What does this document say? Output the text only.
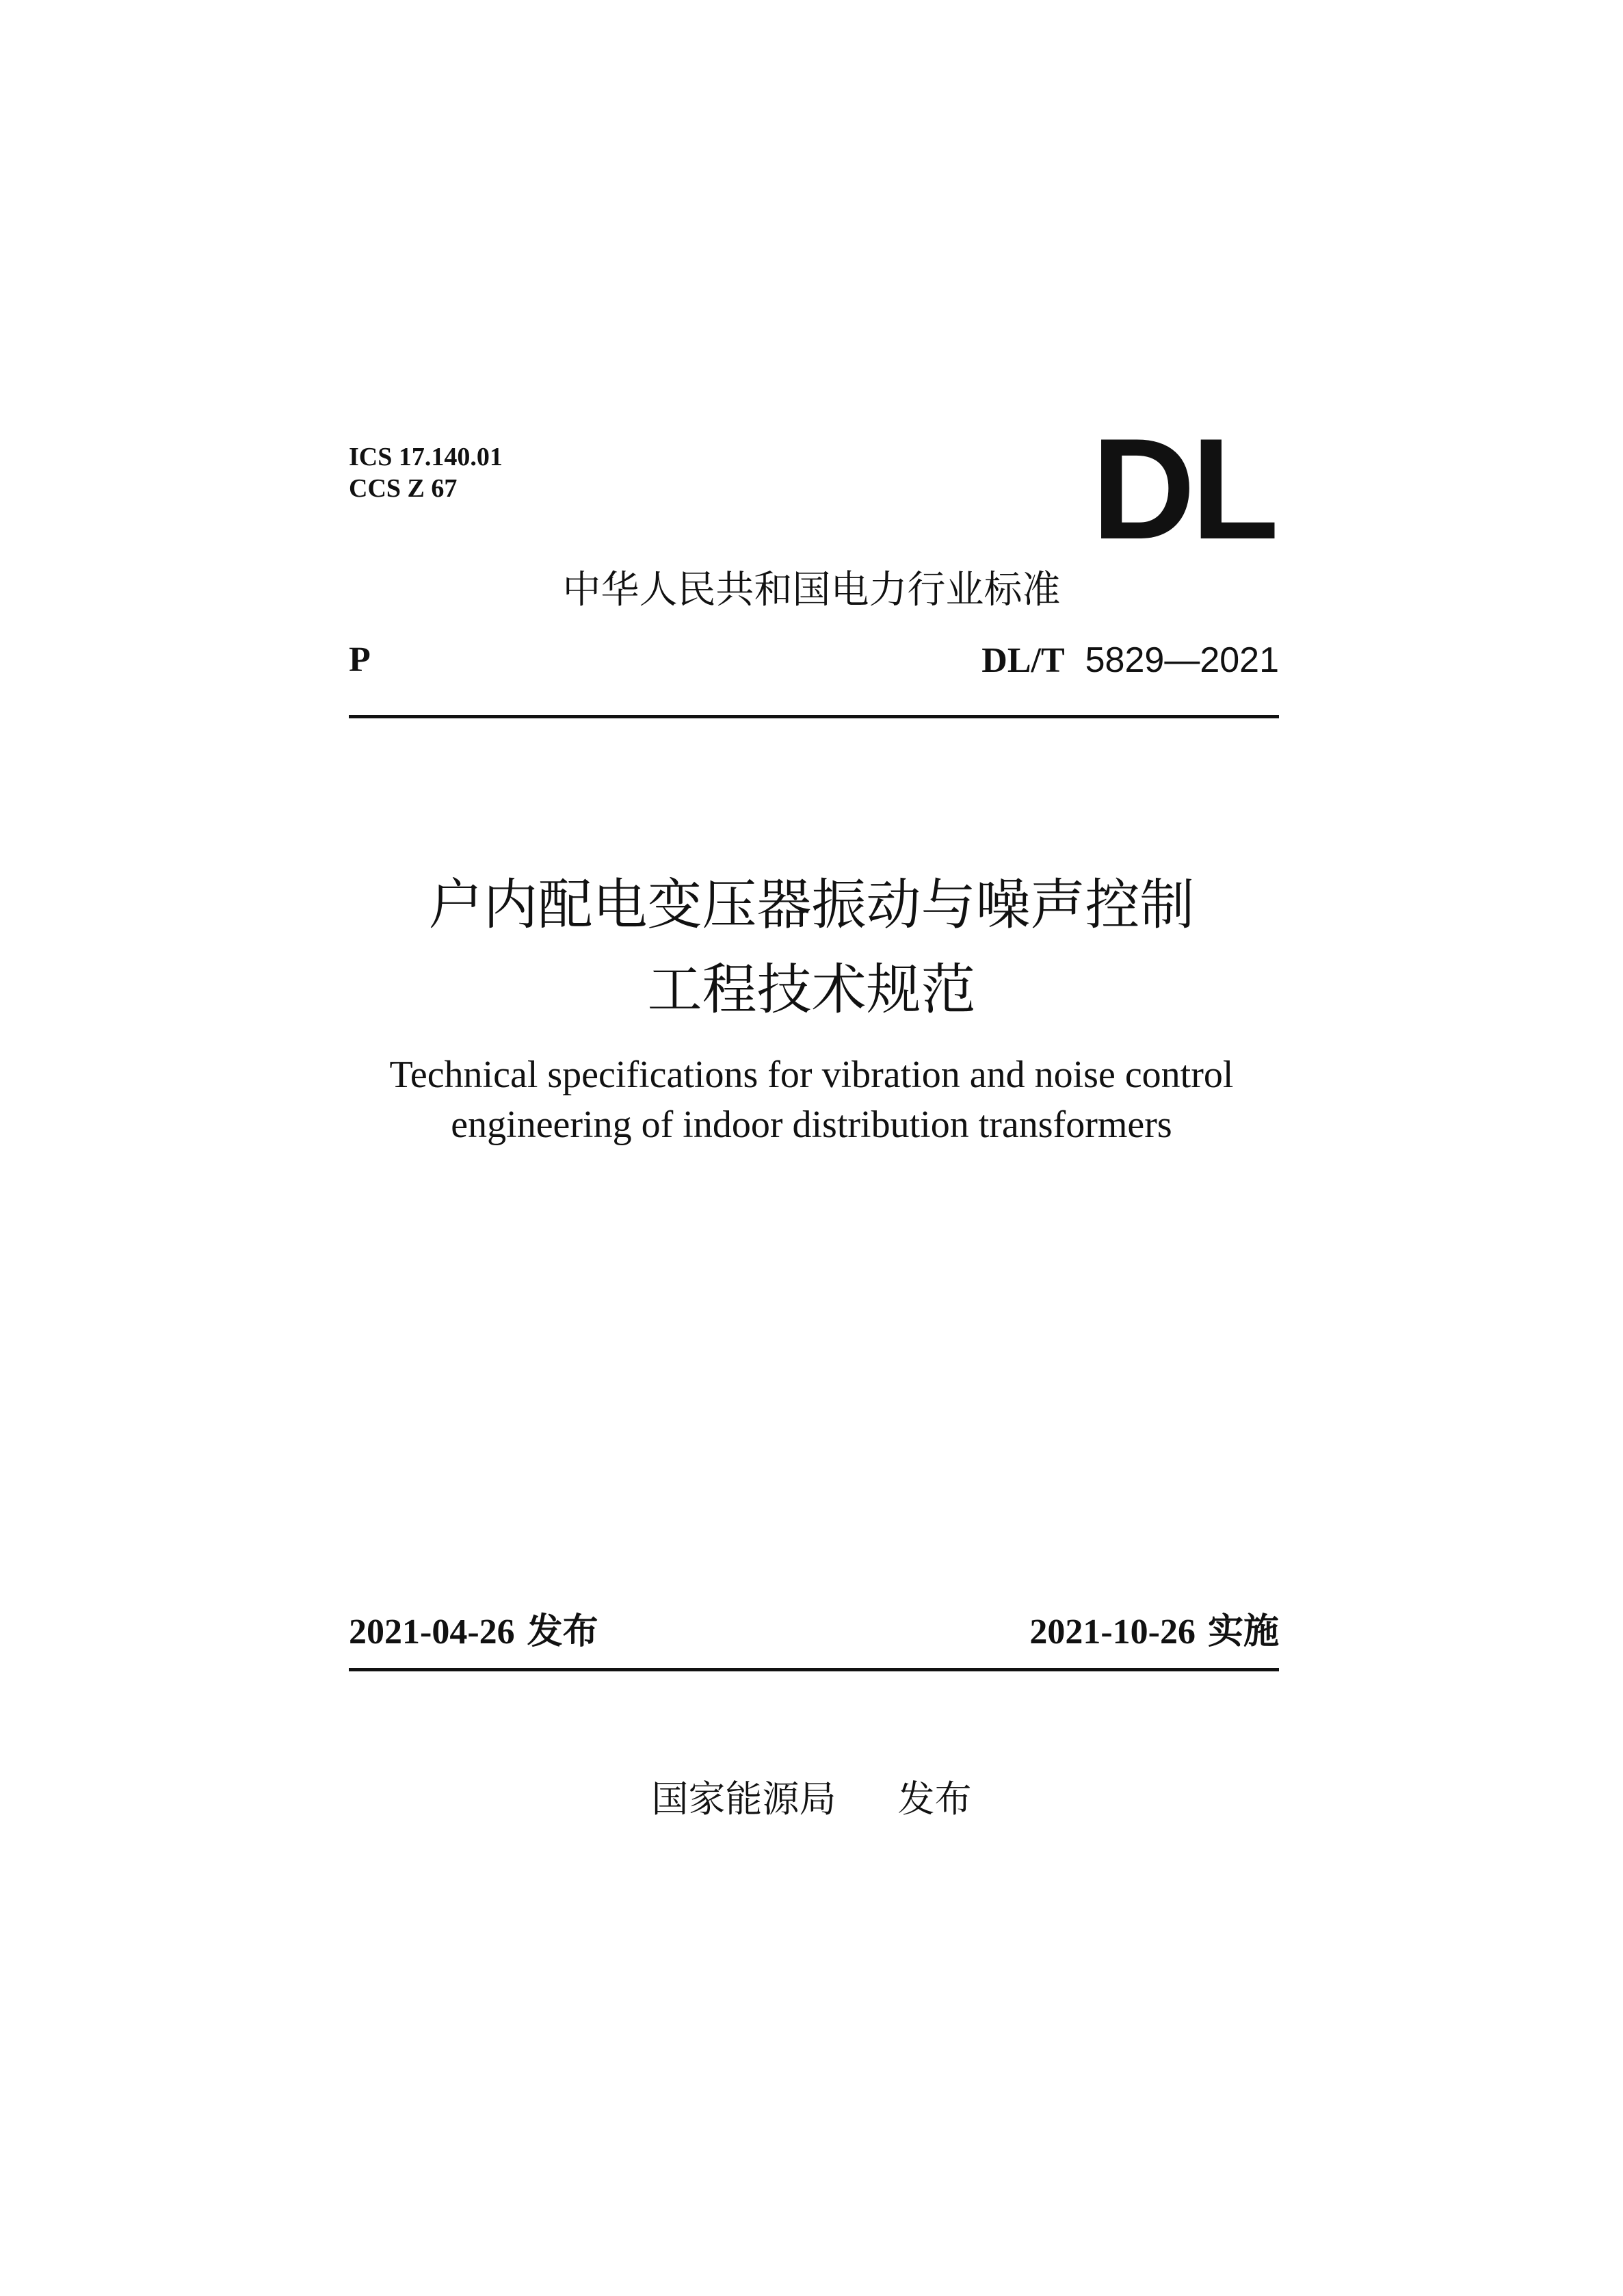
ICS 17.140.01
CCS Z 67	DL
中华人民共和国电力行业标准
P	DL/T 5829—2021
户内配电变压器振动与噪声控制
工程技术规范
Technical specifications for vibration and noise control
engineering of indoor distribution transformers
2021-04-26 发布	2021-10-26 实施
国家能源局 发布
